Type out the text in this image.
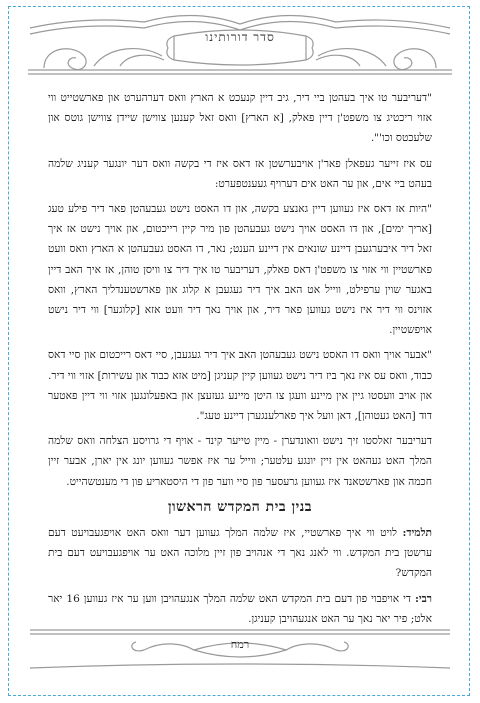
סדר דורותינו

"דעריבער טו איך בעהטן ביי דיר, גיב דיין קנעכט א הארץ וואס דערהערט און פארשטייט ווי אזוי ריכטיג צו משפט'ן דיין פאלק, [א הארץ] וואס זאל קענען צווישן שיידן צווישן גוטס און שלעכטס וכו'".

עס איז זייער געפאלן פאר'ן אויבערשטן אז דאס איז די בקשה וואס דער יונגער קעניג שלמה בעהט ביי אים, און ער האט אים דערויף געענטפערט:

"היות אז דאס איז געווען דיין גאנצע בקשה, און דו האסט נישט געבעהטן פאר דיר פילע טעג [אריך ימים], און דו האסט אויך נישט געבעהטן פון מיר קיין רייכטום, און אויך נישט אז איך זאל דיר איבערגעבן דיינע שונאים אין דיינע הענט; נאר, דו האסט געבעהטן א הארץ וואס וועט פארשטיין ווי אזוי צו משפט'ן דאס פאלק, דעריבער טו איך דיר צו וויסן טוהן, אז איך האב דיין באגער שוין ערפילט, ווייל אט האב איך דיר געגעבן א קלוג און פארשטענדליך הארץ, וואס אזוינס ווי דיר איז נישט געווען פאר דיר, און אויך נאך דיר וועט אזא [קלוגער] ווי דיר נישט אויפשטיין.

"אבער אויך וואס דו האסט נישט געבעהטן האב איך דיר געגעבן, סיי דאס רייכטום און סיי דאס כבוד, וואס עס איז נאך ביז דיר נישט געווען קיין קעניגן [מיט אזא כבוד און עשירות] אזוי ווי דיר. און אויב וועסטו גיין אין מיינע וועגן צו היטן מיינע געזעצן און באפעלונגען אזוי ווי דיין פאטער דוד [האט געטוהן], דאן וועל איך פארלענגערן דיינע טעג".

דעריבער זאלסטו זיך נישט וואונדערן - מיין טייער קינד - אויף די גרויסע הצלחה וואס שלמה המלך האט געהאט אין זיין יונגע עלטער; ווייל ער איז אפשר געווען יונג אין יארן, אבער זיין חכמה און פארשטאנד איז געווען גרעסער פון סיי ווער פון די היסטאריע פון די מענטשהייט.

בנין בית המקדש הראשון

תלמיד: לויט ווי איך פארשטיי, איז שלמה המלך געווען דער וואס האט אויפגעבויעט דעם ערשטן בית המקדש. ווי לאנג נאך די אנהויב פון זיין מלוכה האט ער אויפגעבויעט דעם בית המקדש?

רבי: די אויפבוי פון דעם בית המקדש האט שלמה המלך אנגעהויבן ווען ער איז געווען 16 יאר אלט; פיר יאר נאך ער האט אנגעהויבן קעניגן.

רמח
